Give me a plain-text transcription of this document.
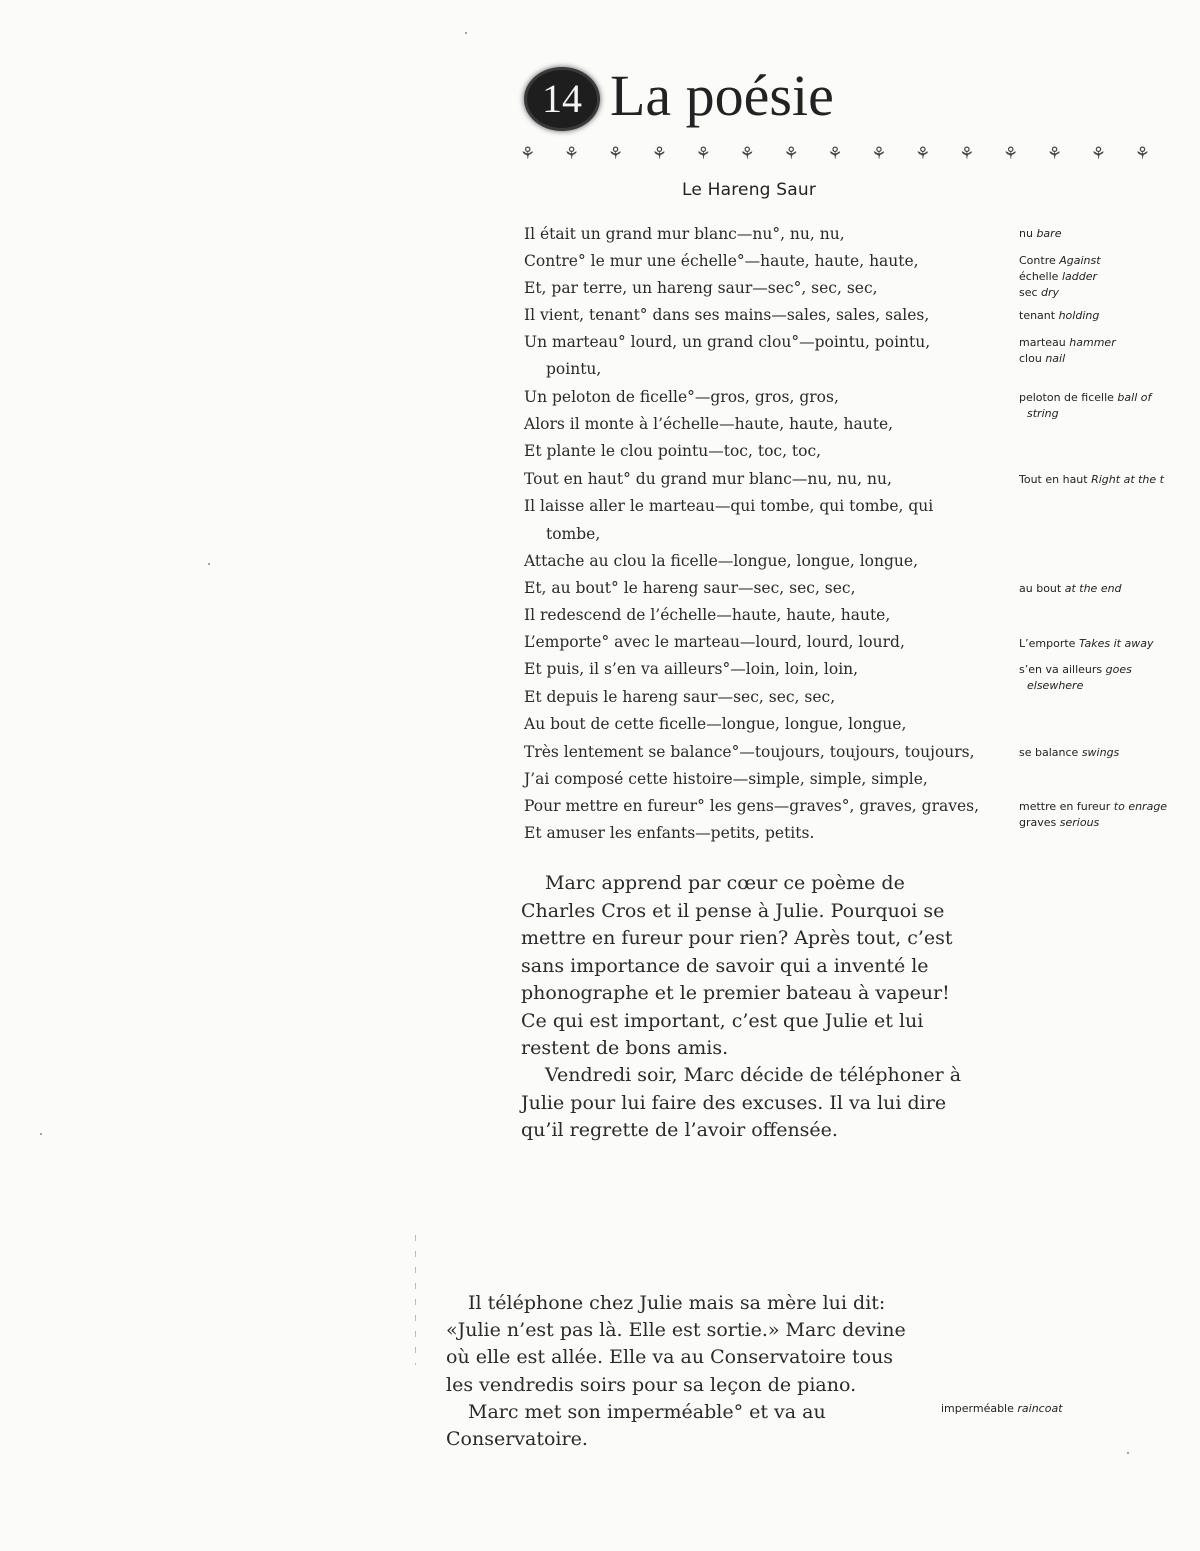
14 La poésie
⚘ ⚘ ⚘ ⚘ ⚘ ⚘ ⚘ ⚘ ⚘ ⚘ ⚘ ⚘ ⚘ ⚘ ⚘
Le Hareng Saur
Il était un grand mur blanc—nu°, nu, nu,
Contre° le mur une échelle°—haute, haute, haute,
Et, par terre, un hareng saur—sec°, sec, sec,
Il vient, tenant° dans ses mains—sales, sales, sales,
Un marteau° lourd, un grand clou°—pointu, pointu,
pointu,
Un peloton de ficelle°—gros, gros, gros,
Alors il monte à l’échelle—haute, haute, haute,
Et plante le clou pointu—toc, toc, toc,
Tout en haut° du grand mur blanc—nu, nu, nu,
Il laisse aller le marteau—qui tombe, qui tombe, qui
tombe,
Attache au clou la ficelle—longue, longue, longue,
Et, au bout° le hareng saur—sec, sec, sec,
Il redescend de l’échelle—haute, haute, haute,
L’emporte° avec le marteau—lourd, lourd, lourd,
Et puis, il s’en va ailleurs°—loin, loin, loin,
Et depuis le hareng saur—sec, sec, sec,
Au bout de cette ficelle—longue, longue, longue,
Très lentement se balance°—toujours, toujours, toujours,
J’ai composé cette histoire—simple, simple, simple,
Pour mettre en fureur° les gens—graves°, graves, graves,
Et amuser les enfants—petits, petits.
nu bare
Contre Against
échelle ladder
sec dry
tenant holding
marteau hammer
clou nail
peloton de ficelle ball of
string
Tout en haut Right at the t
au bout at the end
L’emporte Takes it away
s’en va ailleurs goes
elsewhere
se balance swings
mettre en fureur to enrage
graves serious
imperméable raincoat
Marc apprend par cœur ce poème de
Charles Cros et il pense à Julie. Pourquoi se
mettre en fureur pour rien? Après tout, c’est
sans importance de savoir qui a inventé le
phonographe et le premier bateau à vapeur!
Ce qui est important, c’est que Julie et lui
restent de bons amis.
Vendredi soir, Marc décide de téléphoner à
Julie pour lui faire des excuses. Il va lui dire
qu’il regrette de l’avoir offensée.
Il téléphone chez Julie mais sa mère lui dit:
«Julie n’est pas là. Elle est sortie.» Marc devine
où elle est allée. Elle va au Conservatoire tous
les vendredis soirs pour sa leçon de piano.
Marc met son imperméable° et va au
Conservatoire.
